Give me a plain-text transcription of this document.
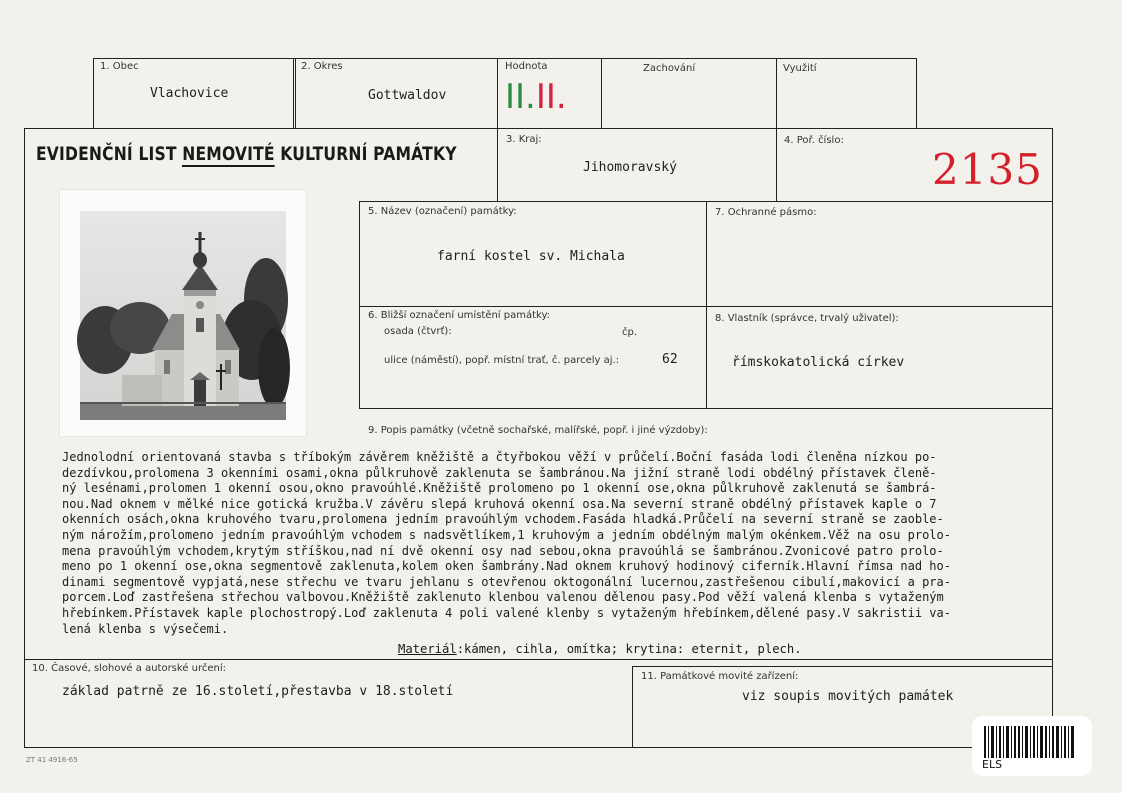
1. Obec
Vlachovice
2. Okres
Gottwaldov
Hodnota
II.II.
Zachování	Využití
EVIDENČNÍ LIST NEMOVITÉ KULTURNÍ PAMÁTKY
3. Kraj:
Jihomoravský
4. Poř. číslo:
2135
5. Název (označení) památky:
farní kostel sv. Michala
7. Ochranné pásmo:
6. Bližší označení umístění památky:
osada (čtvrť):	čp.
ulice (náměstí), popř. místní trať, č. parcely aj.:	62
8. Vlastník (správce, trvalý uživatel):
římskokatolická církev
9. Popis památky (včetně sochařské, malířské, popř. i jiné výzdoby):
Jednolodní orientovaná stavba s tříbokým závěrem kněžiště a čtyřbokou věží v průčelí.Boční fasáda lodi členěna nízkou po-
dezdívkou,prolomena 3 okenními osami,okna půlkruhově zaklenuta se šambránou.Na jižní straně lodi obdélný přístavek členě-
ný lesénami,prolomen 1 okenní osou,okno pravoúhlé.Kněžiště prolomeno po 1 okenní ose,okna půlkruhově zaklenutá se šambrá-
nou.Nad oknem v mělké nice gotická kružba.V závěru slepá kruhová okenní osa.Na severní straně obdélný přístavek kaple o 7
okenních osách,okna kruhového tvaru,prolomena jedním pravoúhlým vchodem.Fasáda hladká.Průčelí na severní straně se zaoble-
ným nárožím,prolomeno jedním pravoúhlým vchodem s nadsvětlíkem,1 kruhovým a jedním obdélným malým okénkem.Věž na osu prolo-
mena pravoúhlým vchodem,krytým stříškou,nad ní dvě okenní osy nad sebou,okna pravoúhlá se šambránou.Zvonicové patro prolo-
meno po 1 okenní ose,okna segmentově zaklenuta,kolem oken šambrány.Nad oknem kruhový hodinový ciferník.Hlavní římsa nad ho-
dinami segmentově vypjatá,nese střechu ve tvaru jehlanu s otevřenou oktogonální lucernou,zastřešenou cibulí,makovicí a pra-
porcem.Loď zastřešena střechou valbovou.Kněžiště zaklenuto klenbou valenou dělenou pasy.Pod věží valená klenba s vytaženým
hřebínkem.Přístavek kaple plochostropý.Loď zaklenuta 4 poli valené klenby s vytaženým hřebínkem,dělené pasy.V sakristii va-
lená klenba s výsečemi.
Materiál:kámen, cihla, omítka; krytina: eternit, plech.
10. Časové, slohové a autorské určení:
základ patrně ze 16.století,přestavba v 18.století
11. Památkové movité zařízení:
viz soupis movitých památek
ZT 41 4916-65	ELS
